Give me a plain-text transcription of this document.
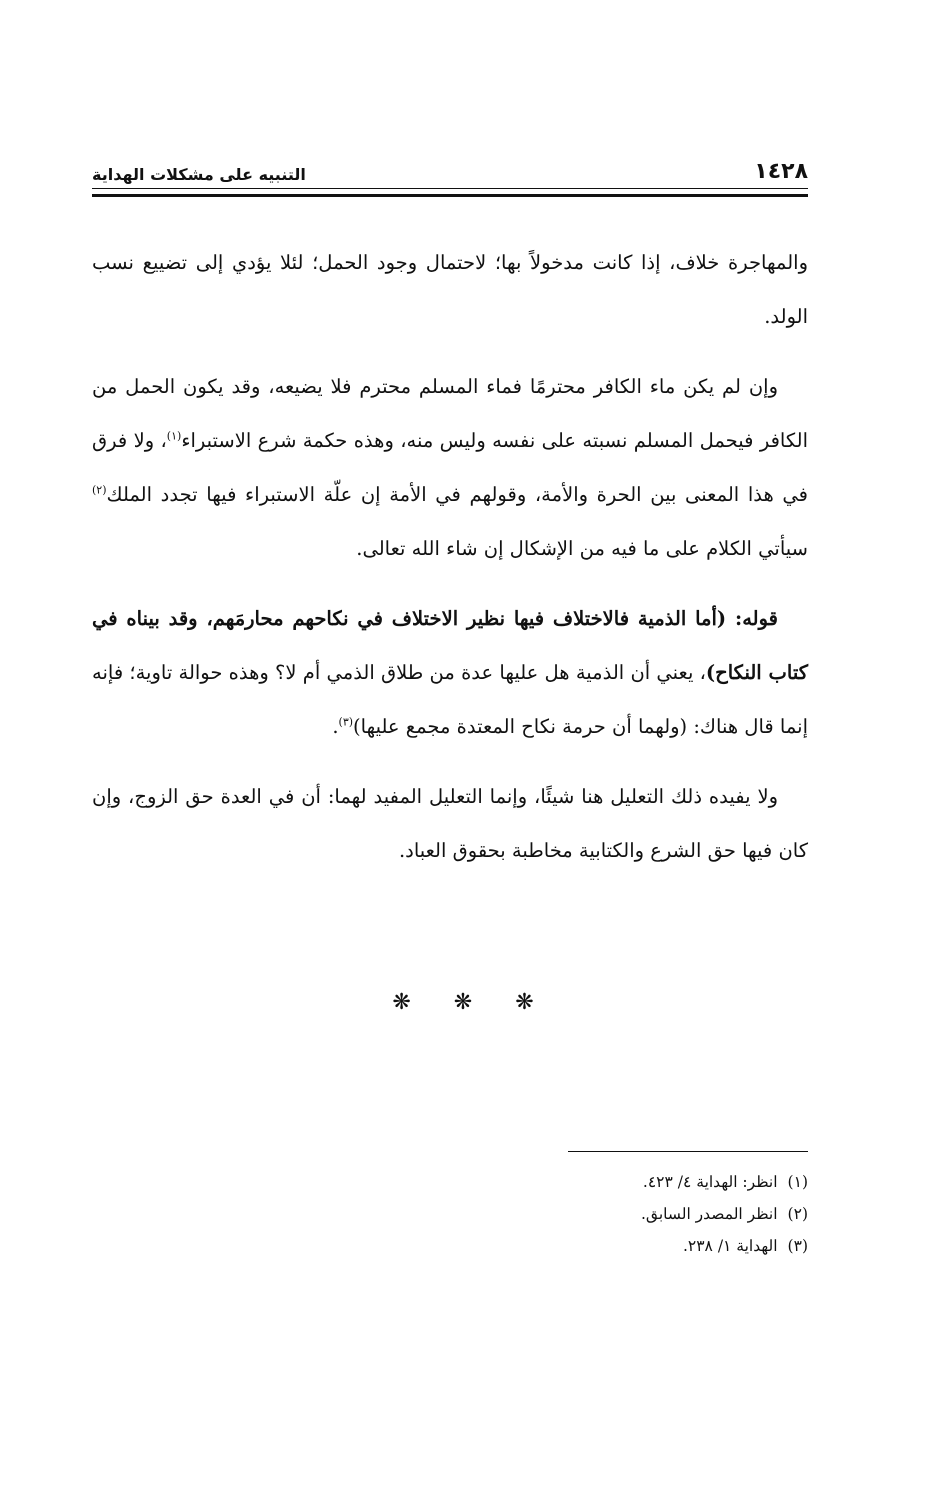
١٤٢٨
التنبيه على مشكلات الهداية

والمهاجرة خلاف، إذا كانت مدخولاً بها؛ لاحتمال وجود الحمل؛ لئلا يؤدي إلى تضييع نسب الولد.

وإن لم يكن ماء الكافر محترمًا فماء المسلم محترم فلا يضيعه، وقد يكون الحمل من الكافر فيحمل المسلم نسبته على نفسه وليس منه، وهذه حكمة شرع الاستبراء$^{(١)}$، ولا فرق في هذا المعنى بين الحرة والأمة، وقولهم في الأمة إن علّة الاستبراء فيها تجدد الملك$^{(٢)}$ سيأتي الكلام على ما فيه من الإشكال إن شاء الله تعالى.

قوله: (أما الذمية فالاختلاف فيها نظير الاختلاف في نكاحهم محارمَهم، وقد بيناه في كتاب النكاح)، يعني أن الذمية هل عليها عدة من طلاق الذمي أم لا؟ وهذه حوالة تاوية؛ فإنه إنما قال هناك: (ولهما أن حرمة نكاح المعتدة مجمع عليها)$^{(٣)}$.

ولا يفيده ذلك التعليل هنا شيئًا، وإنما التعليل المفيد لهما: أن في العدة حق الزوج، وإن كان فيها حق الشرع والكتابية مخاطبة بحقوق العباد.

❋ ❋ ❋
(١)انظر: الهداية ٤/ ٤٢٣.
(٢)انظر المصدر السابق.
(٣)الهداية ١/ ٢٣٨.
